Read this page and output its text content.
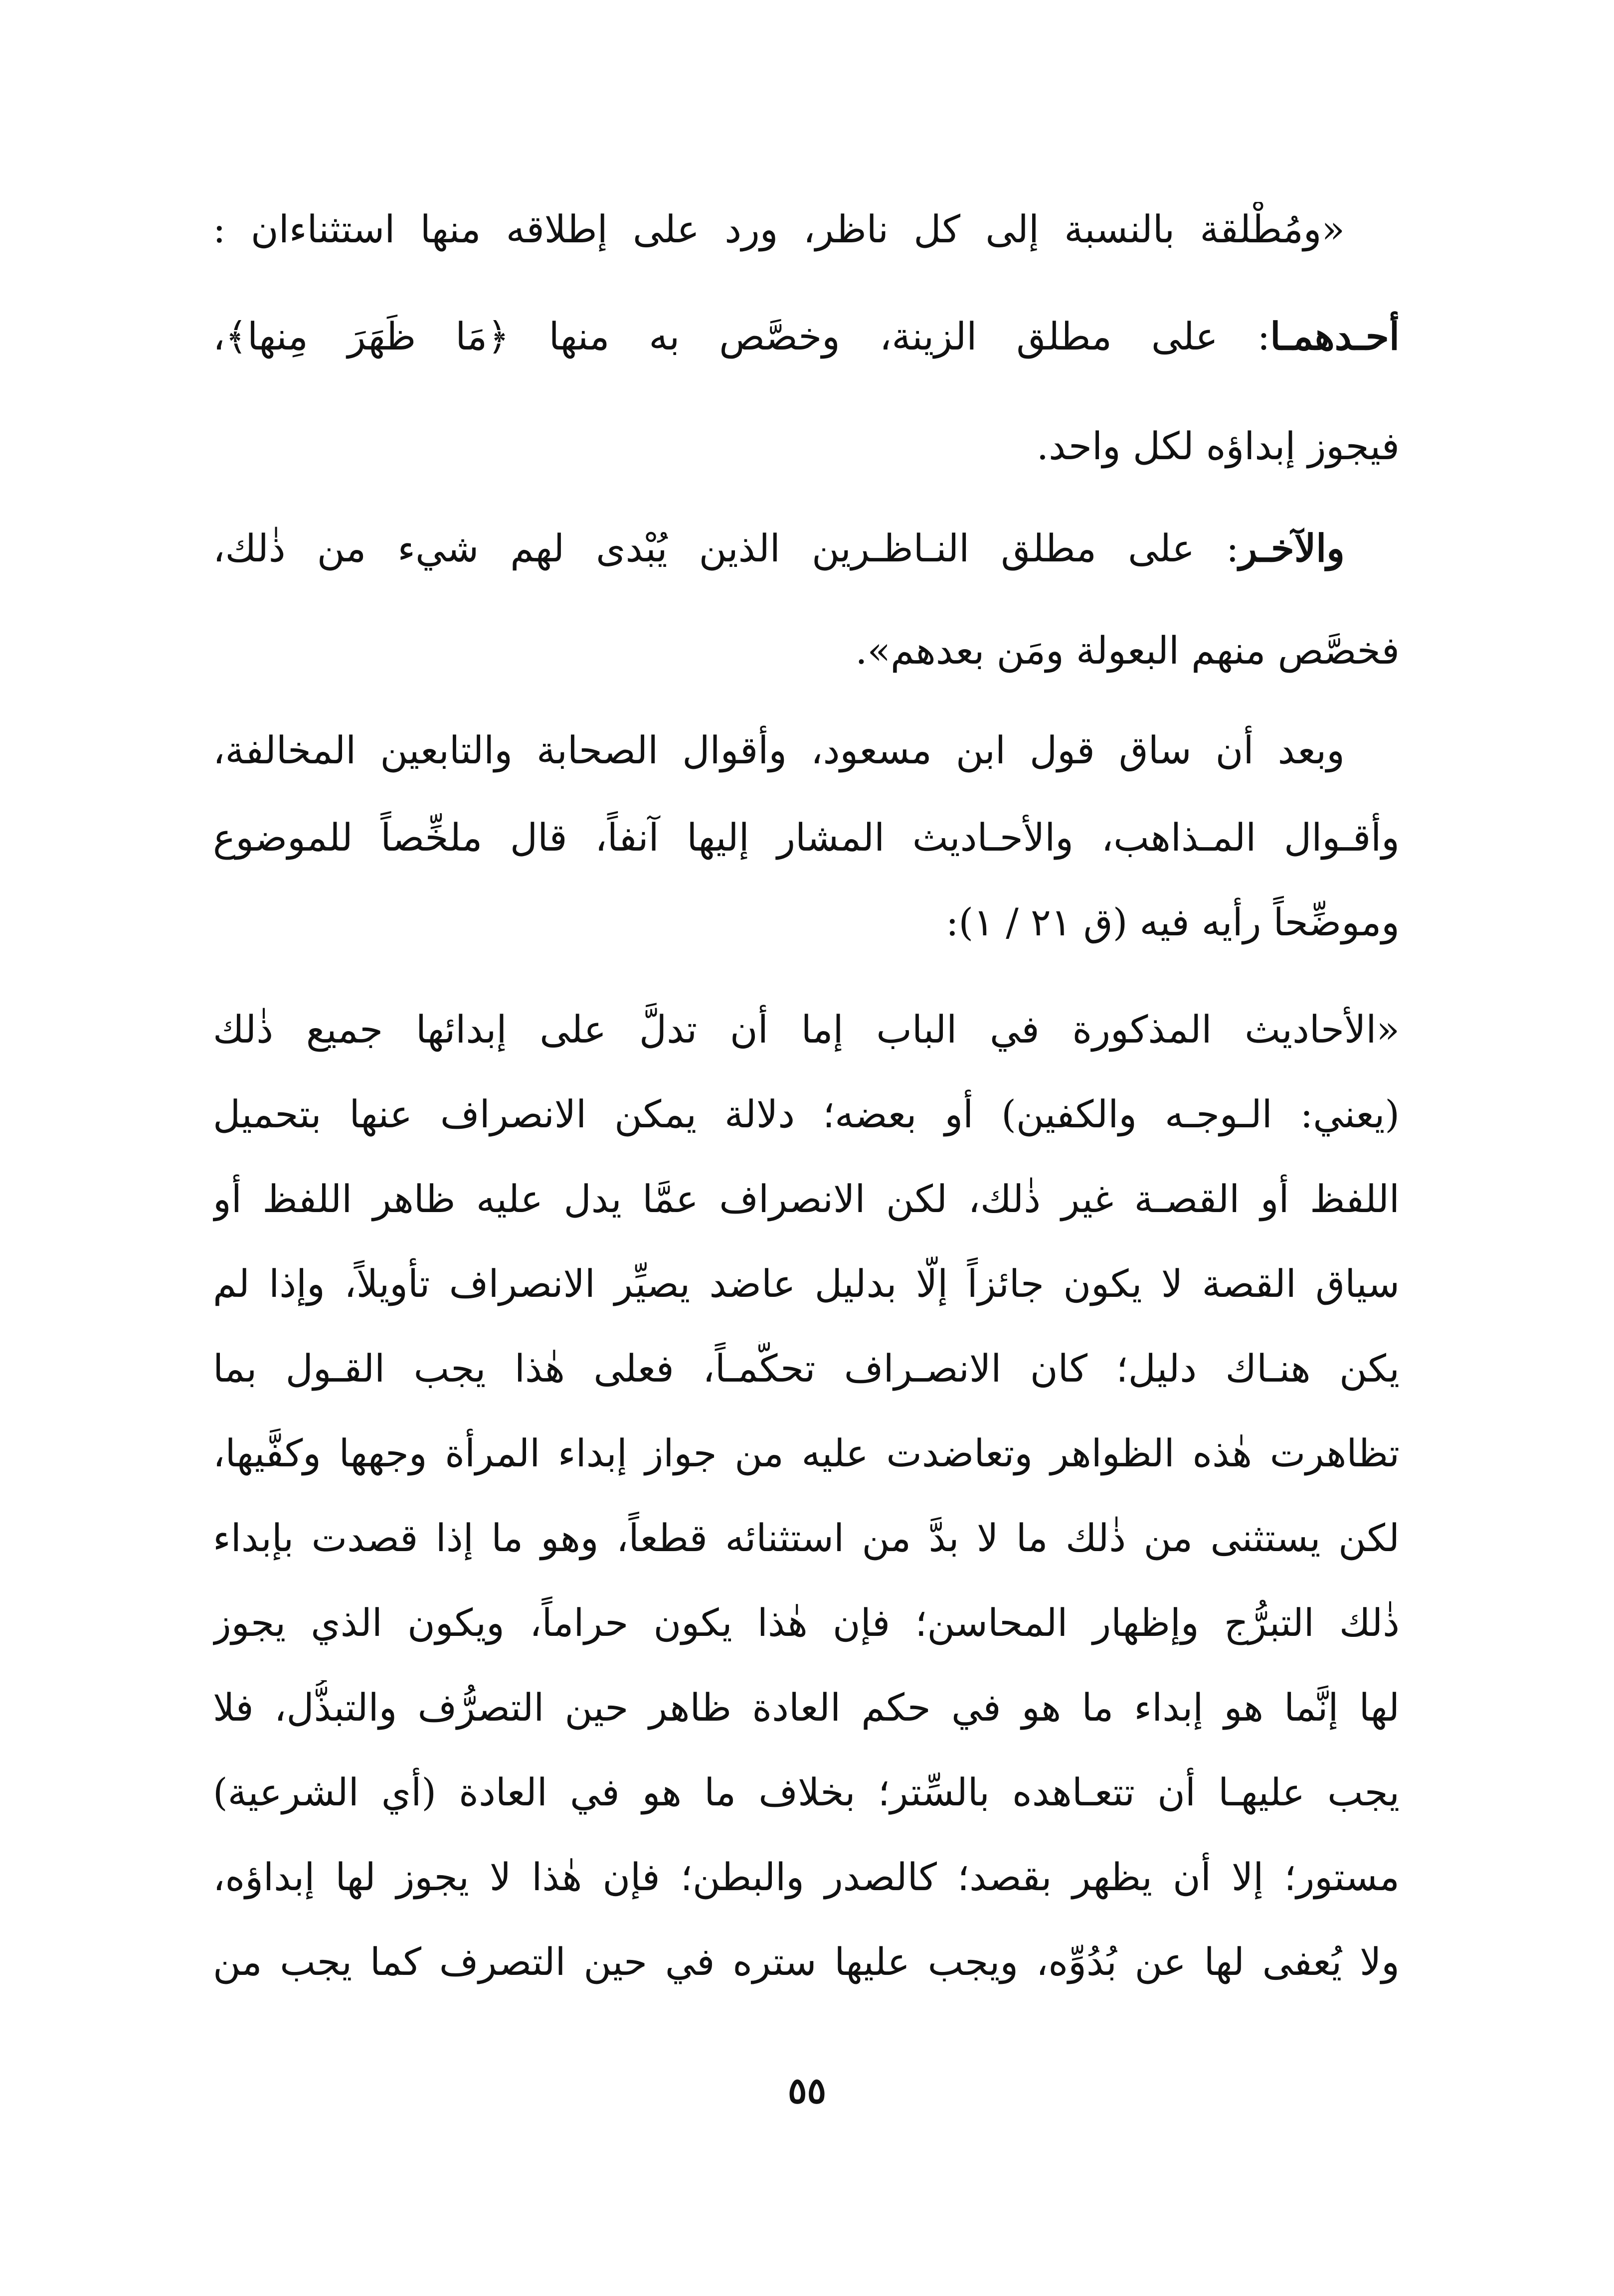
«ومُطْلقة بالنسبة إلى كل ناظر، ورد على إطلاقه منها استثناءان :
أحـدهمـا: على مطلق الزينة، وخصَّص به منها ﴿مَا ظَهَرَ مِنها﴾،
فيجوز إبداؤه لكل واحد.
والآخـر: على مطلق النـاظـرين الذين يُبْدى لهم شيء من ذٰلك،
فخصَّص منهم البعولة ومَن بعدهم».
وبعد أن ساق قول ابن مسعود، وأقوال الصحابة والتابعين المخالفة،
وأقـوال المـذاهب، والأحـاديث المشار إليها آنفاً، قال ملخِّصاً للموضوع
وموضِّحاً رأيه فيه (ق ٢١ / ١):
«الأحاديث المذكورة في الباب إما أن تدلَّ على إبدائها جميع ذٰلك
(يعني: الـوجـه والكفين) أو بعضه؛ دلالة يمكن الانصراف عنها بتحميل
اللفظ أو القصـة غير ذٰلك، لكن الانصراف عمَّا يدل عليه ظاهر اللفظ أو
سياق القصة لا يكون جائزاً إلَّا بدليل عاضد يصيِّر الانصراف تأويلاً، وإذا لم
يكن هنـاك دليل؛ كان الانصـراف تحكُّمـاً، فعلى هٰذا يجب القـول بما
تظاهرت هٰذه الظواهر وتعاضدت عليه من جواز إبداء المرأة وجهها وكفَّيها،
لكن يستثنى من ذٰلك ما لا بدَّ من استثنائه قطعاً، وهو ما إذا قصدت بإبداء
ذٰلك التبرُّج وإظهار المحاسن؛ فإن هٰذا يكون حراماً، ويكون الذي يجوز
لها إنَّما هو إبداء ما هو في حكم العادة ظاهر حين التصرُّف والتبذُّل، فلا
يجب عليهـا أن تتعـاهده بالسِّتر؛ بخلاف ما هو في العادة (أي الشرعية)
مستور؛ إلا أن يظهر بقصد؛ كالصدر والبطن؛ فإن هٰذا لا يجوز لها إبداؤه،
ولا يُعفى لها عن بُدُوِّه، ويجب عليها ستره في حين التصرف كما يجب من
٥٥
